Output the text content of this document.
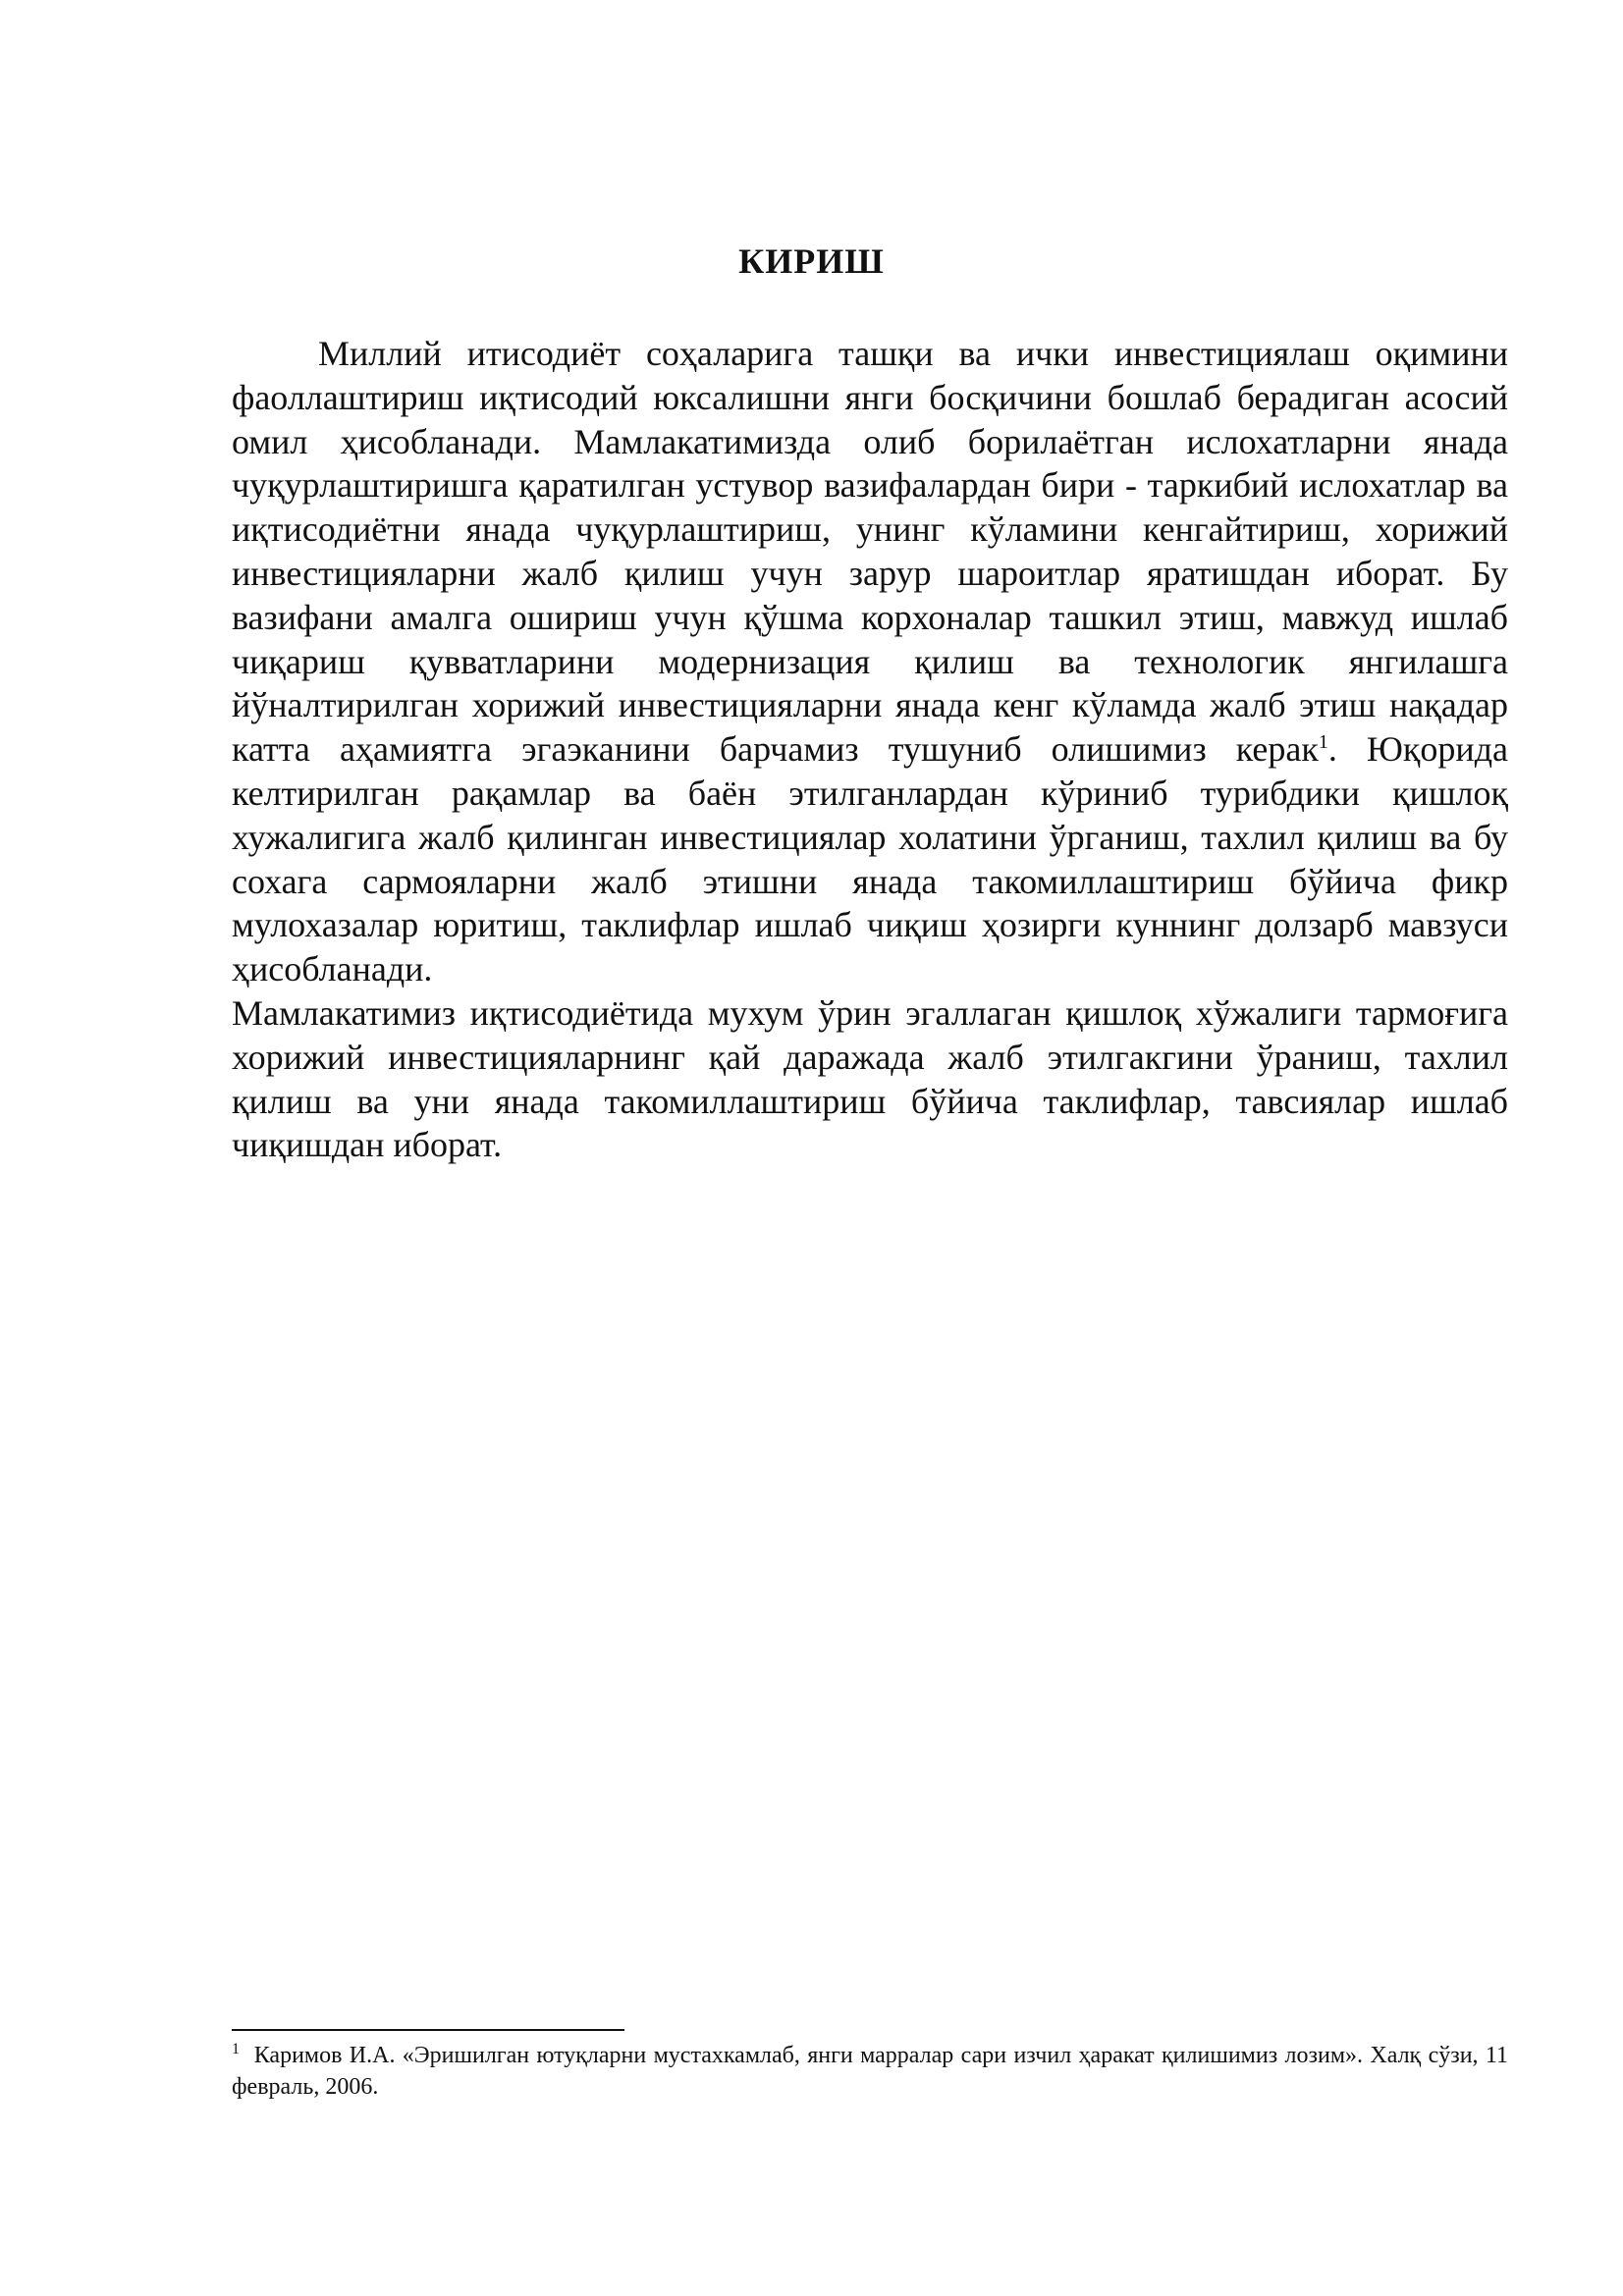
КИРИШ

Миллий итисодиёт соҳаларига ташқи ва ички инвестициялаш оқимини фаоллаштириш иқтисодий юксалишни янги босқичини бошлаб берадиган асосий омил ҳисобланади. Мамлакатимизда олиб борилаётган ислохатларни янада чуқурлаштиришга қаратилган устувор вазифалардан бири - таркибий ислохатлар ва иқтисодиётни янада чуқурлаштириш, унинг кўламини кенгайтириш, хорижий инвестицияларни жалб қилиш учун зарур шароитлар яратишдан иборат. Бу вазифани амалга ошириш учун қўшма корхоналар ташкил этиш, мавжуд ишлаб чиқариш қувватларини модернизация қилиш ва технологик янгилашга йўналтирилган хорижий инвестицияларни янада кенг кўламда жалб этиш нақадар катта аҳамиятга эгаэканини барчамиз тушуниб олишимиз керак$^1$. Юқорида келтирилган рақамлар ва баён этилганлардан кўриниб турибдики қишлоқ хужалигига жалб қилинган инвестициялар холатини ўрганиш, тахлил қилиш ва бу сохага сармояларни жалб этишни янада такомиллаштириш бўйича фикр мулохазалар юритиш, таклифлар ишлаб чиқиш ҳозирги куннинг долзарб мавзуси ҳисобланади.

Мамлакатимиз иқтисодиётида мухум ўрин эгаллаган қишлоқ хўжалиги тармоғига хорижий инвестицияларнинг қай даражада жалб этилгакгини ўраниш, тахлил қилиш ва уни янада такомиллаштириш бўйича таклифлар, тавсиялар ишлаб чиқишдан иборат.

$^1$ Каримов И.А. «Эришилган ютуқларни мустахкамлаб, янги марралар сари изчил ҳаракат қилишимиз лозим». Халқ сўзи, 11 февраль, 2006.
